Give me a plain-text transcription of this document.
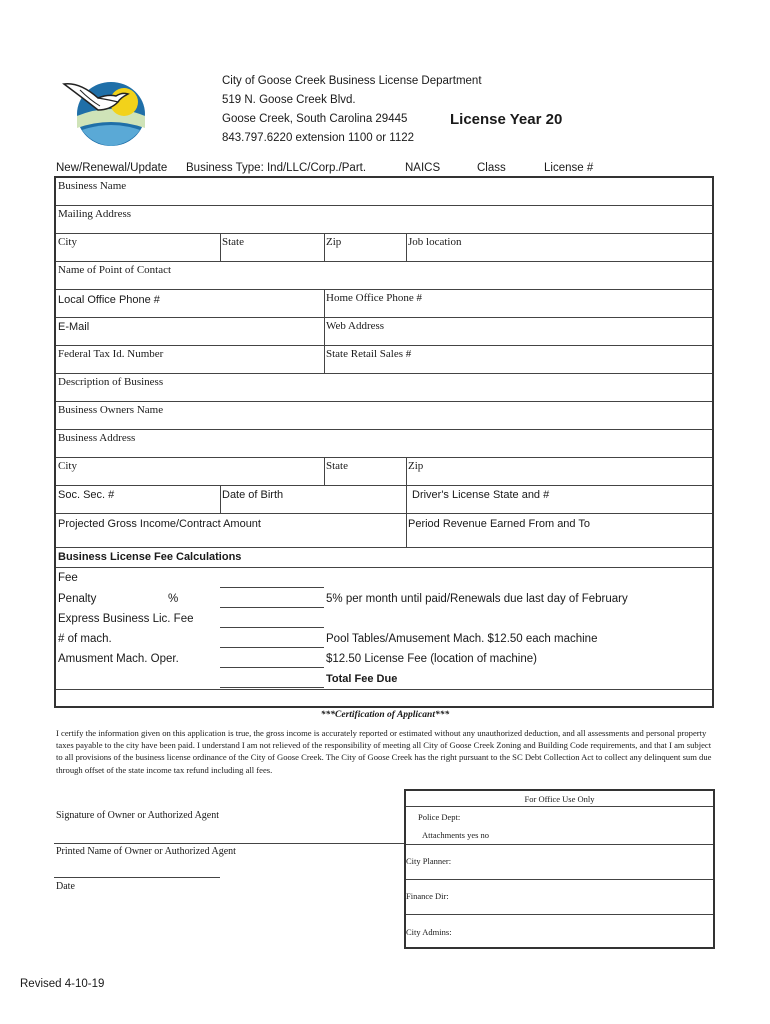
City of Goose Creek Business License Department
519 N. Goose Creek Blvd.
Goose Creek, South Carolina 29445
843.797.6220 extension 1100 or 1122
License Year 20
New/Renewal/Update Business Type: Ind/LLC/Corp./Part.	NAICS	Class	License #
Business Name
Mailing Address
City	State	Zip	Job location
Name of Point of Contact
Local Office Phone #	Home Office Phone #
E-Mail	Web Address
Federal Tax Id. Number	State Retail Sales #
Description of Business
Business Owners Name
Business Address
City	State	Zip
Soc. Sec. #	Date of Birth	Driver's License State and #
Projected Gross Income/Contract Amount	Period Revenue Earned From and To
Business License Fee Calculations
Fee
Penalty	%	5% per month until paid/Renewals due last day of February
Express Business Lic. Fee
# of mach.	Pool Tables/Amusement Mach. $12.50 each machine
Amusment Mach. Oper.	$12.50 License Fee (location of machine)
Total Fee Due
***Certification of Applicant***
I certify the information given on this application is true, the gross income is accurately reported or estimated without any unauthorized deduction, and all assessments and personal property taxes payable to the city have been paid. I understand I am not relieved of the responsibility of meeting all City of Goose Creek Zoning and Building Code requirements, and that I am subject to all provisions of the business license ordinance of the City of Goose Creek. The City of Goose Creek has the right pursuant to the SC Debt Collection Act to collect any delinquent sum due through offset of the state income tax refund including all fees.
Signature of Owner or Authorized Agent
Printed Name of Owner or Authorized Agent
Date
For Office Use Only
Police Dept:
Attachments yes no
City Planner:
Finance Dir:
City Admins:
Revised 4-10-19
